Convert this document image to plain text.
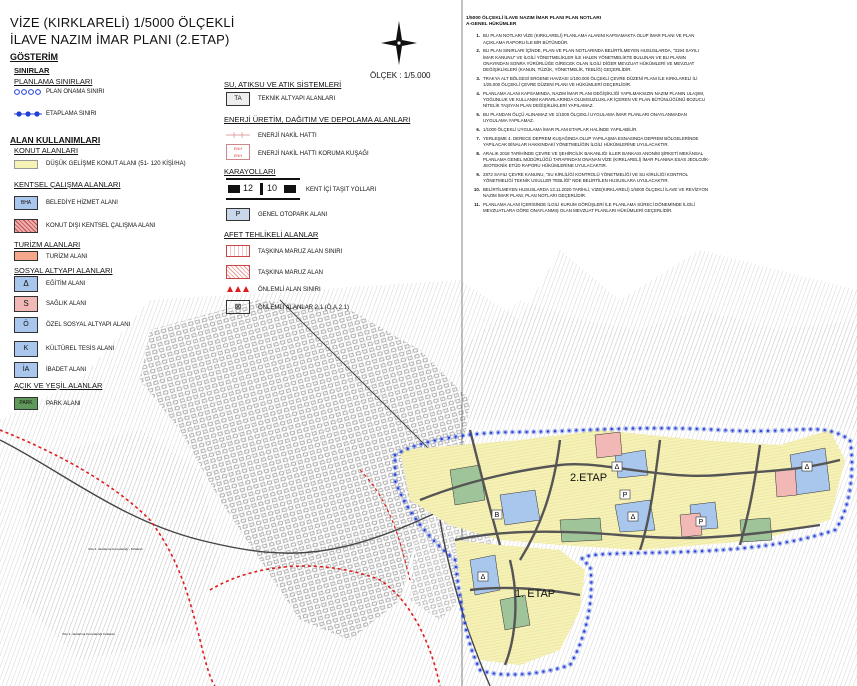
Δ
Δ
Δ
P
P
Δ
B
2.ETAP
1. ETAP
Vize 2. Jandarma Komutanlığı - Kırklareli
Vize 2. Jandarma Komutanlığı Kırklareli
VİZE (KIRKLARELİ) 1/5000 ÖLÇEKLİ
İLAVE NAZIM İMAR PLANI (2.ETAP)
ÖLÇEK : 1/5.000
GÖSTERİM
SINIRLAR
PLANLAMA SINIRLARI
PLAN ONAMA SINIRI
ETAPLAMA SINIRI
ALAN KULLANIMLARI
KONUT ALANLARI
DÜŞÜK GELİŞME KONUT ALANI (51- 120 KİŞİ/HA)
KENTSEL ÇALIŞMA ALANLARI
BHA	BELEDİYE HİZMET ALANI
KONUT DIŞI KENTSEL ÇALIŞMA ALANI
TURİZM ALANLARI
TURİZM ALANI
SOSYAL ALTYAPI ALANLARI
Δ	EĞİTİM ALANI
S	SAĞLIK ALANI
Ö	ÖZEL SOSYAL ALTYAPI ALANI
K	KÜLTÜREL TESİS ALANI
İA	İBADET ALANI
AÇIK VE YEŞİL ALANLAR
PARK	PARK ALANI
SU, ATIKSU VE ATIK SİSTEMLERİ
TA	TEKNİK ALTYAPI ALANLARI
ENERJİ ÜRETİM, DAĞITIM VE DEPOLAMA ALANLARI
ENERJİ NAKİL HATTI
ENH
ENH	ENERJİ NAKİL HATTI KORUMA KUŞAĞI
KARAYOLLARI
12 10	KENT İÇİ TAŞIT YOLLARI
P	GENEL OTOPARK ALANI
AFET TEHLİKELİ ALANLAR
TAŞKINA MARUZ ALAN SINIRI
TAŞKINA MARUZ ALAN
ÖNLEMLİ ALAN SINIRI
⊠	ÖNLEMLİ ALANLAR 2.1 (Ö.A.2.1)
1/5000 ÖLÇEKLİ İLAVE NAZIM İMAR PLANI PLAN NOTLARI
A-GENEL HÜKÜMLER
1. BU PLAN NOTLARI VİZE (KIRKLARELİ) PLANLAMA ALANINI KAPSAMAKTA OLUP İMAR PLANI VE PLAN AÇIKLAMA RAPORU İLE BİR BÜTÜNDÜR.
2. BU PLAN SINIRLARI İÇİNDE, PLAN VE PLAN NOTLARINDA BELİRTİLMEYEN HUSUSLARDA, "3194 SAYILI İMAR KANUNU" VE İLGİLİ YÖNETMELİKLER İLE HALEN YÖNETMELİKTE BULUNAN VE BU PLANIN ONAYINDAN SONRA YÜRÜRLÜĞE GİRECEK OLAN İLGİLİ DİĞER MEVZUAT HÜKÜMLERİ VE MEVZUAT DEĞİŞİKLİKLERİ (KANUN, TÜZÜK, YÖNETMELİK, TEBLİĞ) GEÇERLİDİR.
3. TRAKYA ALT BÖLGESİ ERGENE HAVZASI 1/100.000 ÖLÇEKLİ ÇEVRE DÜZENİ PLANI İLE KIRKLARELİ İLİ 1/25.000 ÖLÇEKLİ ÇEVRE DÜZENİ PLANI VE HÜKÜMLERİ GEÇERLİDİR.
4. PLANLAMA ALANI KAPSAMINDA, NAZIM İMAR PLANI DEĞİŞİKLİĞİ YAPILMAKSIZIN NAZIM PLANIN ULAŞIM, YOĞUNLUK VE KULLANIM KARARLARINDA OLUMSUZLUKLAR İÇEREN VE PLAN BÜTÜNLÜĞÜNÜ BOZUCU NİTELİK TAŞIYAN PLAN DEĞİŞİKLİKLERİ YAPILAMAZ.
5. BU PLANDAN ÖLÇÜ ALINAMAZ VE 1/1000 ÖLÇEKLİ UYGULAMA İMAR PLANLARI ONAYLANMADAN UYGULAMA YAPILAMAZ.
6. 1/1000 ÖLÇEKLİ UYGULAMA İMAR PLANI ETAPLAR HALİNDE YAPILABİLİR.
7. YERLEŞME 4. DERECE DEPREM KUŞAĞINDA OLUP YAPILAŞMA ESNASINDA DEPREM BÖLGELERİNDE YAPILACAK BİNALAR HAKKINDAKİ YÖNETMELİĞİN İLGİLİ HÜKÜMLERİNE UYULACAKTIR.
8. ARALIK 2018 TARİHİNDE ÇEVRE VE ŞEHİRCİLİK BAKANLIĞI İLLER BANKASI ANONİM ŞİRKETİ MEKÂNSAL PLANLAMA GENEL MÜDÜRLÜĞÜ TARAFINDAN ONANAN VİZE (KIRKLARELİ) İMAR PLANINA ESAS JEOLOJİK-JEOTEKNİK ETÜD RAPORU HÜKÜMLERİNE UYULACAKTIR.
9. 2872 SAYILI ÇEVRE KANUNU, "SU KİRLİLİĞİ KONTROLÜ YÖNETMELİĞİ VE SU KİRLİLİĞİ KONTROL YÖNETMELİĞİ TEKNİK USULLER TEBLİĞİ" NDE BELİRTİLEN HUSUSLARA UYULACAKTIR.
10. BELİRTİLMEYEN HUSUSLARDA 13.11.2020 TARİHLİ, VİZE(KIRKLARELİ) 1/5000 ÖLÇEKLİ İLAVE VE REVİZYON NAZIM İMAR PLANI, PLAN NOTLARI GEÇERLİDİR.
11. PLANLAMA ALANI İÇERİSİNDE İLGİLİ KURUM GÖRÜŞLERİ İLE PLANLAMA SÜRECİ DÖNEMİNDE İLGİLİ MEVZUATLARA GÖRE ONAYLANMIŞ OLAN MEVZUAT PLANLARI HÜKÜMLERİ GEÇERLİDİR.
